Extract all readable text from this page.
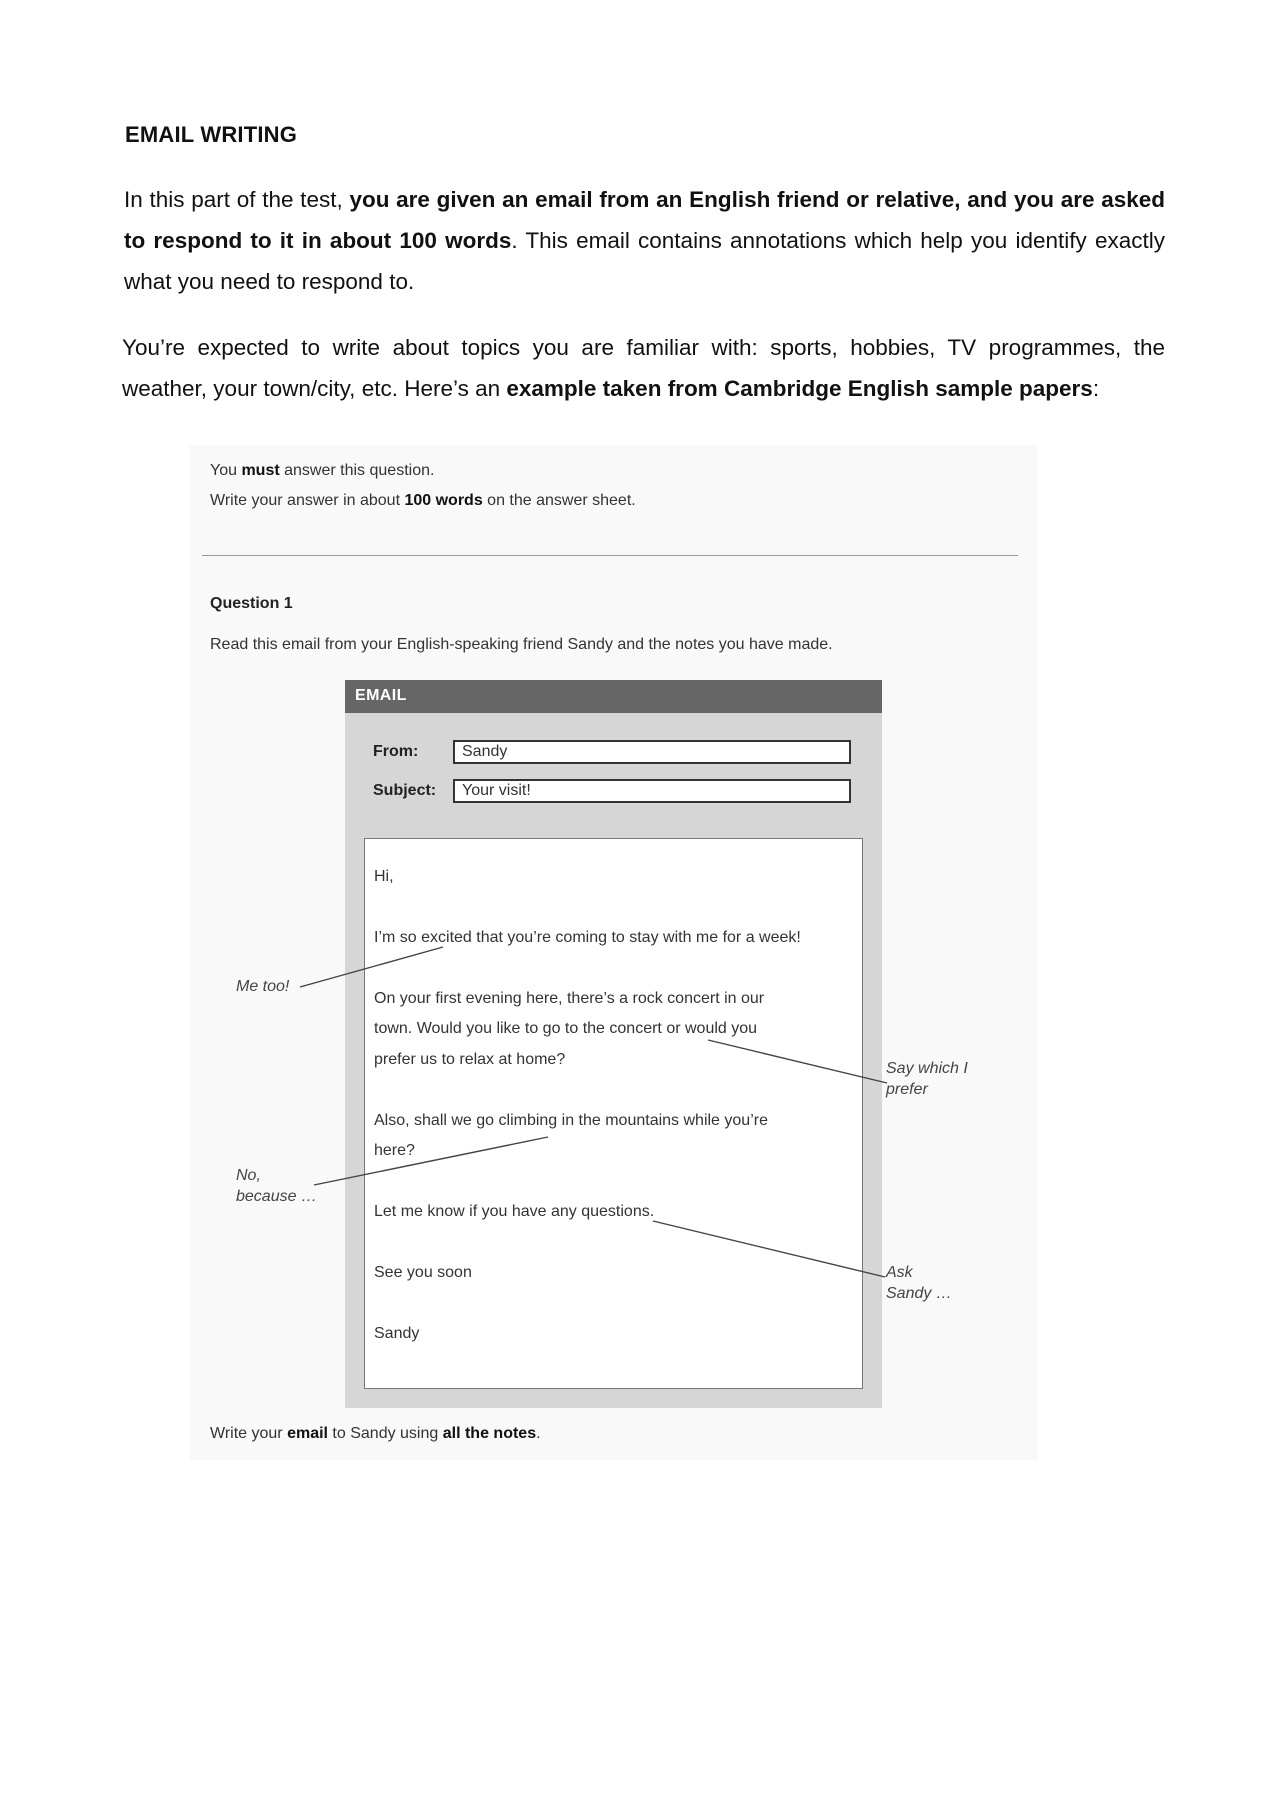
EMAIL WRITING
In this part of the test, you are given an email from an English friend or relative, and you are asked to respond to it in about 100 words. This email contains annotations which help you identify exactly what you need to respond to.
You’re expected to write about topics you are familiar with: sports, hobbies, TV programmes, the weather, your town/city, etc. Here’s an example taken from Cambridge English sample papers:
You must answer this question.
Write your answer in about 100 words on the answer sheet.
Question 1
Read this email from your English-speaking friend Sandy and the notes you have made.
EMAIL
From:	Sandy
Subject:	Your visit!
Hi,
I’m so excited that you’re coming to stay with me for a week!
On your first evening here, there’s a rock concert in our
town. Would you like to go to the concert or would you
prefer us to relax at home?
Also, shall we go climbing in the mountains while you’re
here?
Let me know if you have any questions.
See you soon
Sandy
Me too!
Say which I
prefer
No,
because …
Ask
Sandy …
Write your email to Sandy using all the notes.
